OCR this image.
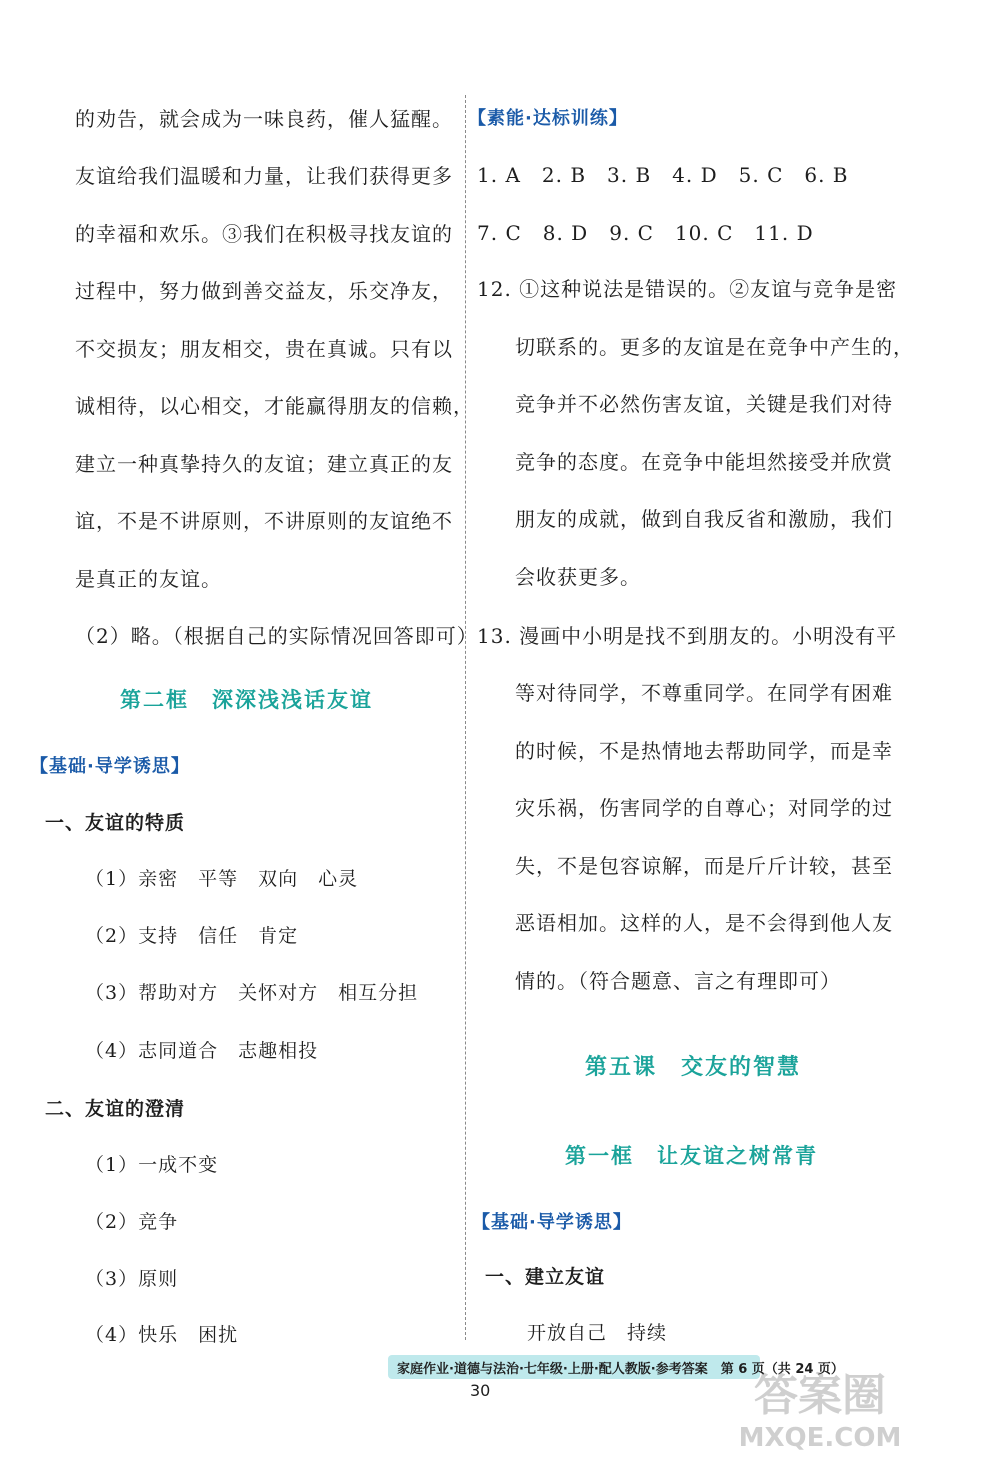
的劝告，就会成为一味良药，催人猛醒。
友谊给我们温暖和力量，让我们获得更多
的幸福和欢乐。③我们在积极寻找友谊的
过程中，努力做到善交益友，乐交净友，
不交损友；朋友相交，贵在真诚。只有以
诚相待，以心相交，才能赢得朋友的信赖，
建立一种真挚持久的友谊；建立真正的友
谊，不是不讲原则，不讲原则的友谊绝不
是真正的友谊。
（2）略。（根据自己的实际情况回答即可）
第二框　深深浅浅话友谊
【基础·导学诱思】
一、友谊的特质
（1）亲密　平等　双向　心灵
（2）支持　信任　肯定
（3）帮助对方　关怀对方　相互分担
（4）志同道合　志趣相投
二、友谊的澄清
（1）一成不变
（2）竞争
（3）原则
（4）快乐　困扰
【素能·达标训练】
1. A　2. B　3. B　4. D　5. C　6. B
7. C　8. D　9. C　10. C　11. D
12. ①这种说法是错误的。②友谊与竞争是密
切联系的。更多的友谊是在竞争中产生的，
竞争并不必然伤害友谊，关键是我们对待
竞争的态度。在竞争中能坦然接受并欣赏
朋友的成就，做到自我反省和激励，我们
会收获更多。
13. 漫画中小明是找不到朋友的。小明没有平
等对待同学，不尊重同学。在同学有困难
的时候，不是热情地去帮助同学，而是幸
灾乐祸，伤害同学的自尊心；对同学的过
失，不是包容谅解，而是斤斤计较，甚至
恶语相加。这样的人，是不会得到他人友
情的。（符合题意、言之有理即可）
第五课　交友的智慧
第一框　让友谊之树常青
【基础·导学诱思】
一、建立友谊
开放自己　持续
家庭作业·道德与法治·七年级·上册·配人教版·参考答案　第 6 页（共 24 页）
30	答案圈
MXQE.COM
